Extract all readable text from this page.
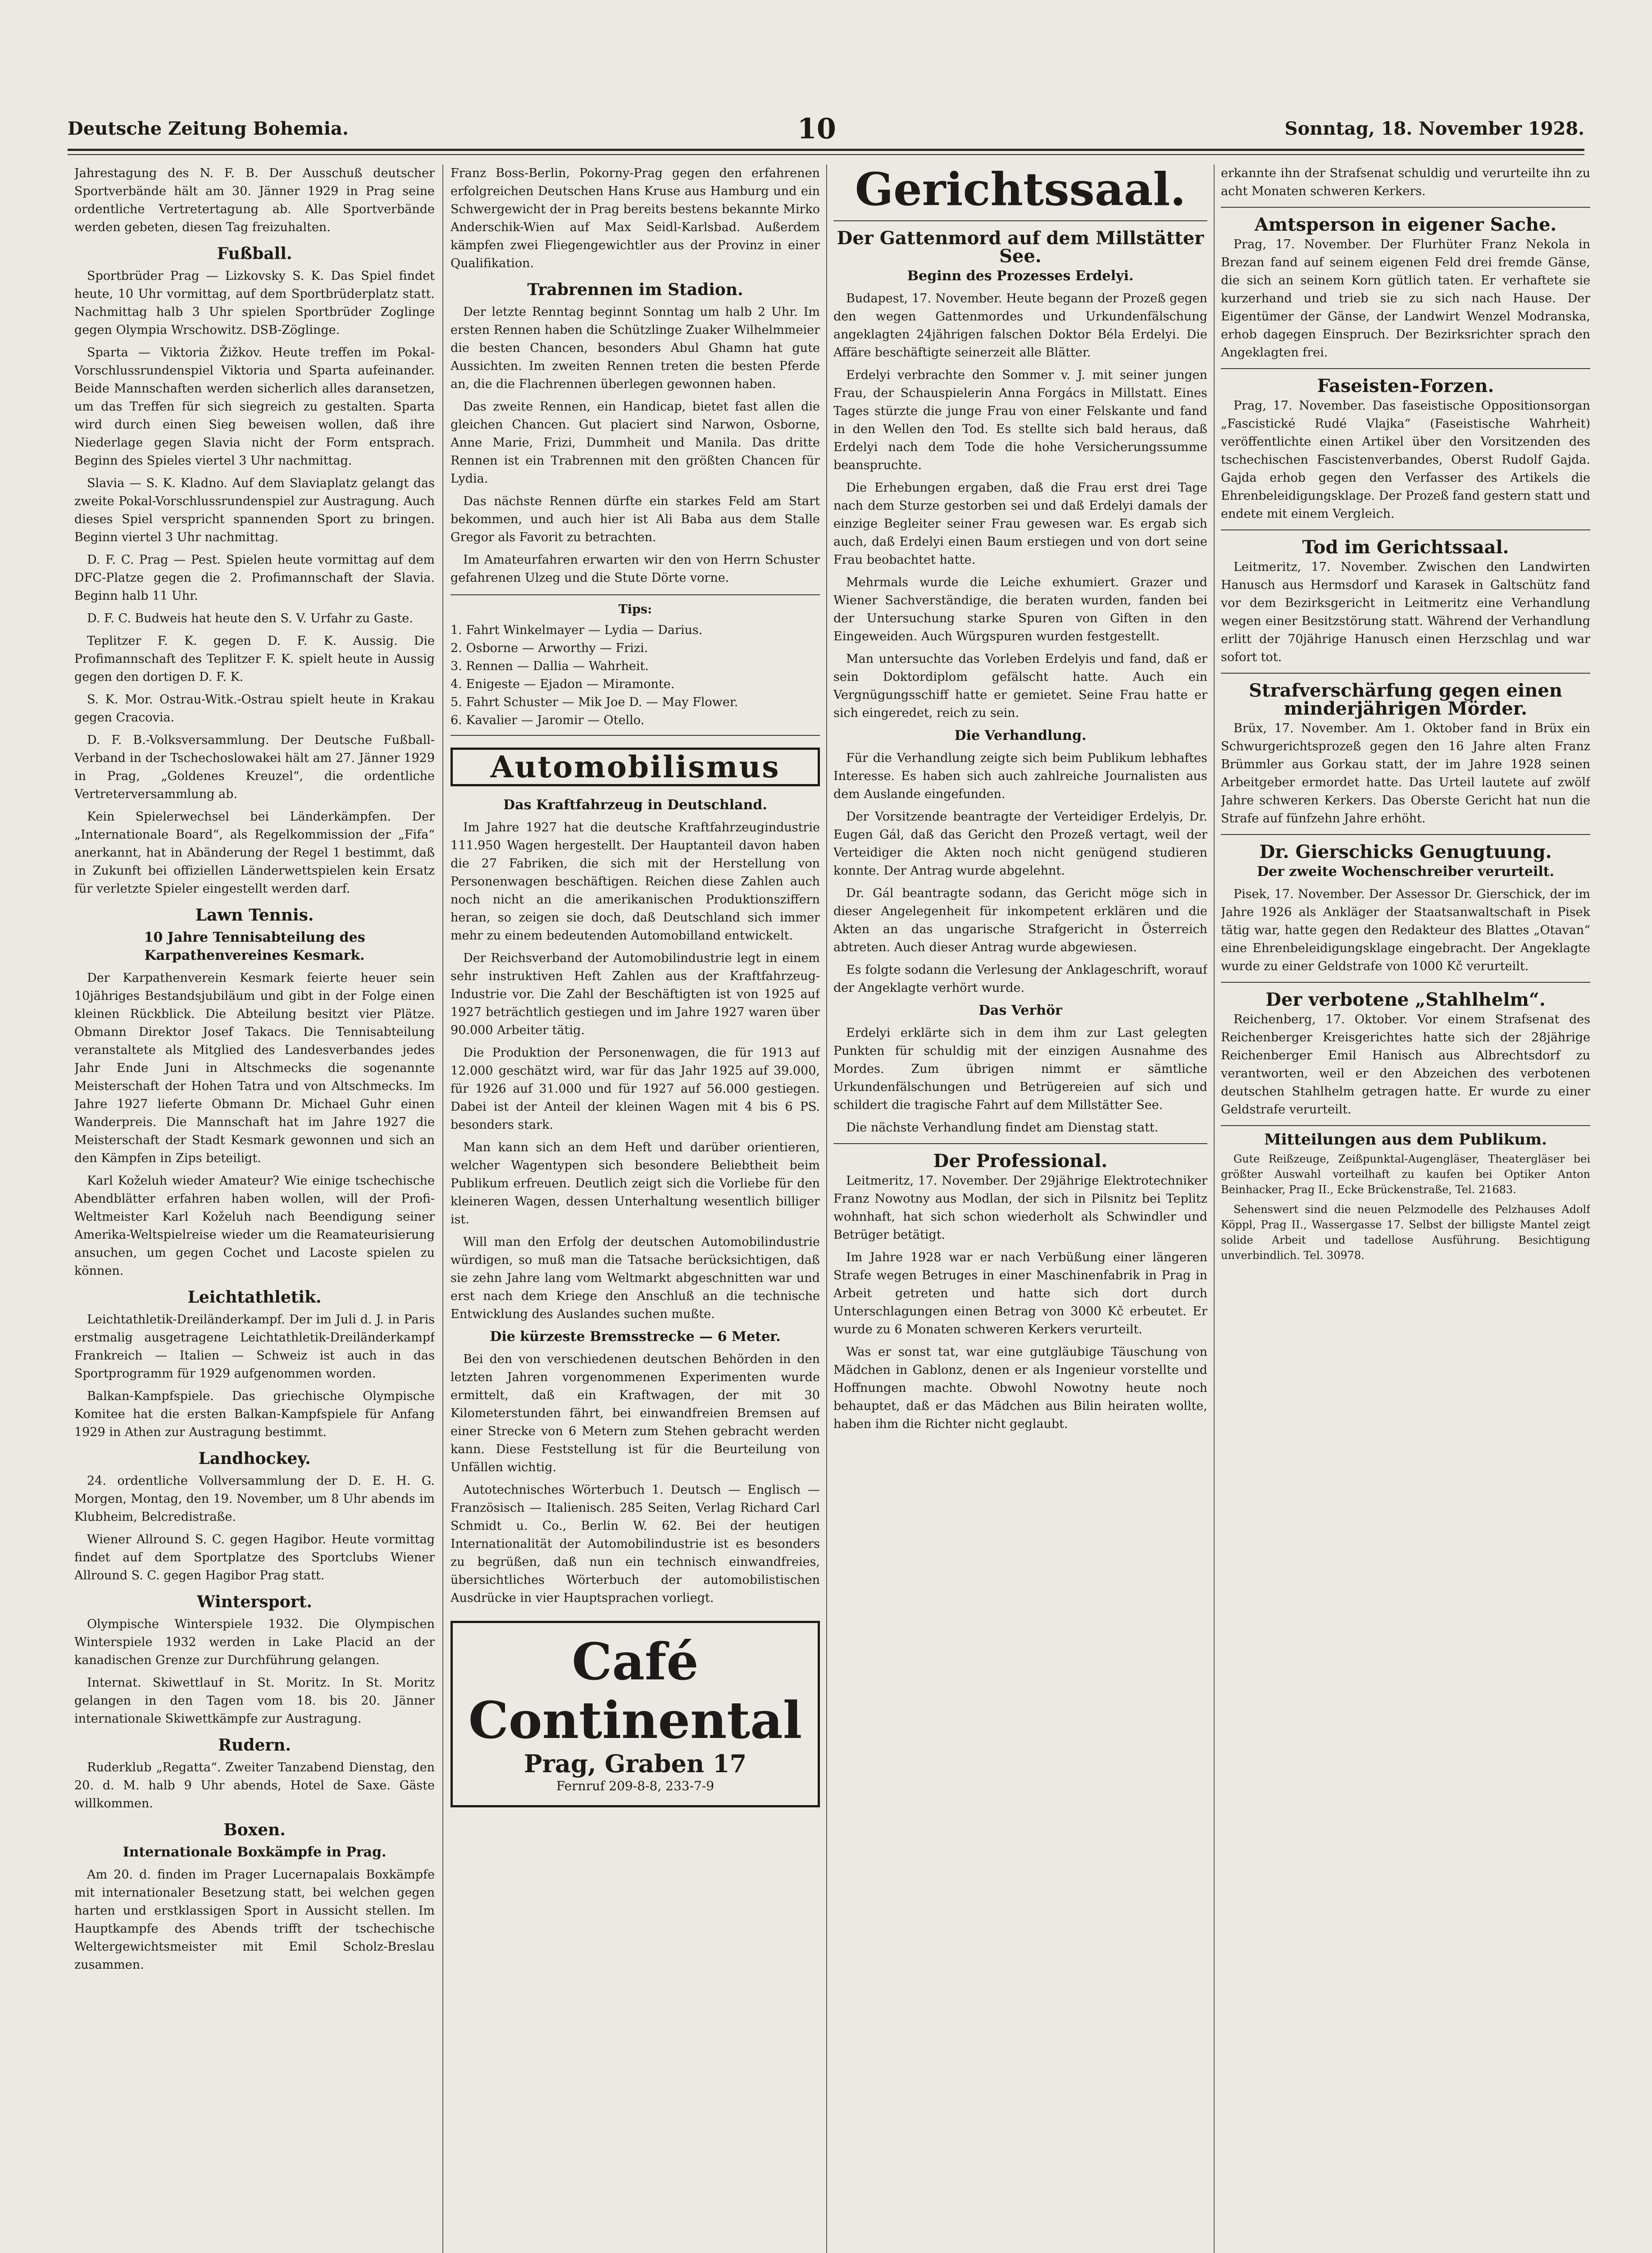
Deutsche Zeitung Bohemia.	10	Sonntag, 18. November 1928.

Jahrestagung des N. F. B. Der Ausschuß deutscher Sportverbände hält am 30. Jänner 1929 in Prag seine ordentliche Vertretertagung ab. Alle Sportverbände werden gebeten, diesen Tag freizuhalten.

Fußball.

Sportbrüder Prag — Lizkovsky S. K. Das Spiel findet heute, 10 Uhr vormittag, auf dem Sportbrüderplatz statt. Nachmittag halb 3 Uhr spielen Sportbrüder Zoglinge gegen Olympia Wrschowitz. DSB-Zöglinge.

Sparta — Viktoria Žižkov. Heute treffen im Pokal-Vorschlussrundenspiel Viktoria und Sparta aufeinander. Beide Mannschaften werden sicherlich alles daransetzen, um das Treffen für sich siegreich zu gestalten. Sparta wird durch einen Sieg beweisen wollen, daß ihre Niederlage gegen Slavia nicht der Form entsprach. Beginn des Spieles viertel 3 Uhr nachmittag.

Slavia — S. K. Kladno. Auf dem Slaviaplatz gelangt das zweite Pokal-Vorschlussrundenspiel zur Austragung. Auch dieses Spiel verspricht spannenden Sport zu bringen. Beginn viertel 3 Uhr nachmittag.

D. F. C. Prag — Pest. Spielen heute vormittag auf dem DFC-Platze gegen die 2. Profimannschaft der Slavia. Beginn halb 11 Uhr.

D. F. C. Budweis hat heute den S. V. Urfahr zu Gaste.

Teplitzer F. K. gegen D. F. K. Aussig. Die Profimannschaft des Teplitzer F. K. spielt heute in Aussig gegen den dortigen D. F. K.

S. K. Mor. Ostrau-Witk.-Ostrau spielt heute in Krakau gegen Cracovia.

D. F. B.-Volksversammlung. Der Deutsche Fußball-Verband in der Tschechoslowakei hält am 27. Jänner 1929 in Prag, „Goldenes Kreuzel“, die ordentliche Vertreterversammlung ab.

Kein Spielerwechsel bei Länderkämpfen. Der „Internationale Board“, als Regelkommission der „Fifa“ anerkannt, hat in Abänderung der Regel 1 bestimmt, daß in Zukunft bei offiziellen Länderwettspielen kein Ersatz für verletzte Spieler eingestellt werden darf.

Lawn Tennis.
10 Jahre Tennisabteilung des Karpathenvereines Kesmark.

Der Karpathenverein Kesmark feierte heuer sein 10jähriges Bestandsjubiläum und gibt in der Folge einen kleinen Rückblick. Die Abteilung besitzt vier Plätze. Obmann Direktor Josef Takacs. Die Tennisabteilung veranstaltete als Mitglied des Landesverbandes jedes Jahr Ende Juni in Altschmecks die sogenannte Meisterschaft der Hohen Tatra und von Altschmecks. Im Jahre 1927 lieferte Obmann Dr. Michael Guhr einen Wanderpreis. Die Mannschaft hat im Jahre 1927 die Meisterschaft der Stadt Kesmark gewonnen und sich an den Kämpfen in Zips beteiligt.

Karl Koželuh wieder Amateur? Wie einige tschechische Abendblätter erfahren haben wollen, will der Profi-Weltmeister Karl Koželuh nach Beendigung seiner Amerika-Weltspielreise wieder um die Reamateurisierung ansuchen, um gegen Cochet und Lacoste spielen zu können.

Leichtathletik.

Leichtathletik-Dreiländerkampf. Der im Juli d. J. in Paris erstmalig ausgetragene Leichtathletik-Dreiländerkampf Frankreich — Italien — Schweiz ist auch in das Sportprogramm für 1929 aufgenommen worden.

Balkan-Kampfspiele. Das griechische Olympische Komitee hat die ersten Balkan-Kampfspiele für Anfang 1929 in Athen zur Austragung bestimmt.

Landhockey.

24. ordentliche Vollversammlung der D. E. H. G. Morgen, Montag, den 19. November, um 8 Uhr abends im Klubheim, Belcredistraße.

Wiener Allround S. C. gegen Hagibor. Heute vormittag findet auf dem Sportplatze des Sportclubs Wiener Allround S. C. gegen Hagibor Prag statt.

Wintersport.

Olympische Winterspiele 1932. Die Olympischen Winterspiele 1932 werden in Lake Placid an der kanadischen Grenze zur Durchführung gelangen.

Internat. Skiwettlauf in St. Moritz. In St. Moritz gelangen in den Tagen vom 18. bis 20. Jänner internationale Skiwettkämpfe zur Austragung.

Rudern.

Ruderklub „Regatta“. Zweiter Tanzabend Dienstag, den 20. d. M. halb 9 Uhr abends, Hotel de Saxe. Gäste willkommen.

Boxen.
Internationale Boxkämpfe in Prag.

Am 20. d. finden im Prager Lucernapalais Boxkämpfe mit internationaler Besetzung statt, bei welchen gegen harten und erstklassigen Sport in Aussicht stellen. Im Hauptkampfe des Abends trifft der tschechische Weltergewichtsmeister mit Emil Scholz-Breslau zusammen.

Franz Boss-Berlin, Pokorny-Prag gegen den erfahrenen erfolgreichen Deutschen Hans Kruse aus Hamburg und ein Schwergewicht der in Prag bereits bestens bekannte Mirko Anderschik-Wien auf Max Seidl-Karlsbad. Außerdem kämpfen zwei Fliegengewichtler aus der Provinz in einer Qualifikation.

Trabrennen im Stadion.

Der letzte Renntag beginnt Sonntag um halb 2 Uhr. Im ersten Rennen haben die Schützlinge Zuaker Wilhelmmeier die besten Chancen, besonders Abul Ghamn hat gute Aussichten. Im zweiten Rennen treten die besten Pferde an, die die Flachrennen überlegen gewonnen haben.

Das zweite Rennen, ein Handicap, bietet fast allen die gleichen Chancen. Gut placiert sind Narwon, Osborne, Anne Marie, Frizi, Dummheit und Manila. Das dritte Rennen ist ein Trabrennen mit den größten Chancen für Lydia.

Das nächste Rennen dürfte ein starkes Feld am Start bekommen, und auch hier ist Ali Baba aus dem Stalle Gregor als Favorit zu betrachten.

Im Amateurfahren erwarten wir den von Herrn Schuster gefahrenen Ulzeg und die Stute Dörte vorne.

Tips:

1. Fahrt Winkelmayer — Lydia — Darius.

2. Osborne — Arworthy — Frizi.

3. Rennen — Dallia — Wahrheit.

4. Enigeste — Ejadon — Miramonte.

5. Fahrt Schuster — Mik Joe D. — May Flower.

6. Kavalier — Jaromir — Otello.

Automobilismus
Das Kraftfahrzeug in Deutschland.

Im Jahre 1927 hat die deutsche Kraftfahrzeugindustrie 111.950 Wagen hergestellt. Der Hauptanteil davon haben die 27 Fabriken, die sich mit der Herstellung von Personenwagen beschäftigen. Reichen diese Zahlen auch noch nicht an die amerikanischen Produktionsziffern heran, so zeigen sie doch, daß Deutschland sich immer mehr zu einem bedeutenden Automobilland entwickelt.

Der Reichsverband der Automobilindustrie legt in einem sehr instruktiven Heft Zahlen aus der Kraftfahrzeug-Industrie vor. Die Zahl der Beschäftigten ist von 1925 auf 1927 beträchtlich gestiegen und im Jahre 1927 waren über 90.000 Arbeiter tätig.

Die Produktion der Personenwagen, die für 1913 auf 12.000 geschätzt wird, war für das Jahr 1925 auf 39.000, für 1926 auf 31.000 und für 1927 auf 56.000 gestiegen. Dabei ist der Anteil der kleinen Wagen mit 4 bis 6 PS. besonders stark.

Man kann sich an dem Heft und darüber orientieren, welcher Wagentypen sich besondere Beliebtheit beim Publikum erfreuen. Deutlich zeigt sich die Vorliebe für den kleineren Wagen, dessen Unterhaltung wesentlich billiger ist.

Will man den Erfolg der deutschen Automobilindustrie würdigen, so muß man die Tatsache berücksichtigen, daß sie zehn Jahre lang vom Weltmarkt abgeschnitten war und erst nach dem Kriege den Anschluß an die technische Entwicklung des Auslandes suchen mußte.

Die kürzeste Bremsstrecke — 6 Meter.

Bei den von verschiedenen deutschen Behörden in den letzten Jahren vorgenommenen Experimenten wurde ermittelt, daß ein Kraftwagen, der mit 30 Kilometerstunden fährt, bei einwandfreien Bremsen auf einer Strecke von 6 Metern zum Stehen gebracht werden kann. Diese Feststellung ist für die Beurteilung von Unfällen wichtig.

Autotechnisches Wörterbuch 1. Deutsch — Englisch — Französisch — Italienisch. 285 Seiten, Verlag Richard Carl Schmidt u. Co., Berlin W. 62. Bei der heutigen Internationalität der Automobilindustrie ist es besonders zu begrüßen, daß nun ein technisch einwandfreies, übersichtliches Wörterbuch der automobilistischen Ausdrücke in vier Hauptsprachen vorliegt.

Café Continental
Prag, Graben 17
Fernruf 209-8-8, 233-7-9
Gerichtssaal.
Der Gattenmord auf dem Millstätter See.
Beginn des Prozesses Erdelyi.

Budapest, 17. November. Heute begann der Prozeß gegen den wegen Gattenmordes und Urkundenfälschung angeklagten 24jährigen falschen Doktor Béla Erdelyi. Die Affäre beschäftigte seinerzeit alle Blätter.

Erdelyi verbrachte den Sommer v. J. mit seiner jungen Frau, der Schauspielerin Anna Forgács in Millstatt. Eines Tages stürzte die junge Frau von einer Felskante und fand in den Wellen den Tod. Es stellte sich bald heraus, daß Erdelyi nach dem Tode die hohe Versicherungssumme beanspruchte.

Die Erhebungen ergaben, daß die Frau erst drei Tage nach dem Sturze gestorben sei und daß Erdelyi damals der einzige Begleiter seiner Frau gewesen war. Es ergab sich auch, daß Erdelyi einen Baum erstiegen und von dort seine Frau beobachtet hatte.

Mehrmals wurde die Leiche exhumiert. Grazer und Wiener Sachverständige, die beraten wurden, fanden bei der Untersuchung starke Spuren von Giften in den Eingeweiden. Auch Würgspuren wurden festgestellt.

Man untersuchte das Vorleben Erdelyis und fand, daß er sein Doktordiplom gefälscht hatte. Auch ein Vergnügungsschiff hatte er gemietet. Seine Frau hatte er sich eingeredet, reich zu sein.

Die Verhandlung.

Für die Verhandlung zeigte sich beim Publikum lebhaftes Interesse. Es haben sich auch zahlreiche Journalisten aus dem Auslande eingefunden.

Der Vorsitzende beantragte der Verteidiger Erdelyis, Dr. Eugen Gál, daß das Gericht den Prozeß vertagt, weil der Verteidiger die Akten noch nicht genügend studieren konnte. Der Antrag wurde abgelehnt.

Dr. Gál beantragte sodann, das Gericht möge sich in dieser Angelegenheit für inkompetent erklären und die Akten an das ungarische Strafgericht in Österreich abtreten. Auch dieser Antrag wurde abgewiesen.

Es folgte sodann die Verlesung der Anklageschrift, worauf der Angeklagte verhört wurde.

Das Verhör

Erdelyi erklärte sich in dem ihm zur Last gelegten Punkten für schuldig mit der einzigen Ausnahme des Mordes. Zum übrigen nimmt er sämtliche Urkundenfälschungen und Betrügereien auf sich und schildert die tragische Fahrt auf dem Millstätter See.

Die nächste Verhandlung findet am Dienstag statt.

Der Professional.

Leitmeritz, 17. November. Der 29jährige Elektrotechniker Franz Nowotny aus Modlan, der sich in Pilsnitz bei Teplitz wohnhaft, hat sich schon wiederholt als Schwindler und Betrüger betätigt.

Im Jahre 1928 war er nach Verbüßung einer längeren Strafe wegen Betruges in einer Maschinenfabrik in Prag in Arbeit getreten und hatte sich dort durch Unterschlagungen einen Betrag von 3000 Kč erbeutet. Er wurde zu 6 Monaten schweren Kerkers verurteilt.

Was er sonst tat, war eine gutgläubige Täuschung von Mädchen in Gablonz, denen er als Ingenieur vorstellte und Hoffnungen machte. Obwohl Nowotny heute noch behauptet, daß er das Mädchen aus Bilin heiraten wollte, haben ihm die Richter nicht geglaubt.

erkannte ihn der Strafsenat schuldig und verurteilte ihn zu acht Monaten schweren Kerkers.

Amtsperson in eigener Sache.

Prag, 17. November. Der Flurhüter Franz Nekola in Brezan fand auf seinem eigenen Feld drei fremde Gänse, die sich an seinem Korn gütlich taten. Er verhaftete sie kurzerhand und trieb sie zu sich nach Hause. Der Eigentümer der Gänse, der Landwirt Wenzel Modranska, erhob dagegen Einspruch. Der Bezirksrichter sprach den Angeklagten frei.

Faseisten-Forzen.

Prag, 17. November. Das faseistische Oppositionsorgan „Fascistické Rudé Vlajka“ (Faseistische Wahrheit) veröffentlichte einen Artikel über den Vorsitzenden des tschechischen Fascistenverbandes, Oberst Rudolf Gajda. Gajda erhob gegen den Verfasser des Artikels die Ehrenbeleidigungsklage. Der Prozeß fand gestern statt und endete mit einem Vergleich.

Tod im Gerichtssaal.

Leitmeritz, 17. November. Zwischen den Landwirten Hanusch aus Hermsdorf und Karasek in Galtschütz fand vor dem Bezirksgericht in Leitmeritz eine Verhandlung wegen einer Besitzstörung statt. Während der Verhandlung erlitt der 70jährige Hanusch einen Herzschlag und war sofort tot.

Strafverschärfung gegen einen minderjährigen Mörder.

Brüx, 17. November. Am 1. Oktober fand in Brüx ein Schwurgerichtsprozeß gegen den 16 Jahre alten Franz Brümmler aus Gorkau statt, der im Jahre 1928 seinen Arbeitgeber ermordet hatte. Das Urteil lautete auf zwölf Jahre schweren Kerkers. Das Oberste Gericht hat nun die Strafe auf fünfzehn Jahre erhöht.

Dr. Gierschicks Genugtuung.
Der zweite Wochenschreiber verurteilt.

Pisek, 17. November. Der Assessor Dr. Gierschick, der im Jahre 1926 als Ankläger der Staatsanwaltschaft in Pisek tätig war, hatte gegen den Redakteur des Blattes „Otavan“ eine Ehrenbeleidigungsklage eingebracht. Der Angeklagte wurde zu einer Geldstrafe von 1000 Kč verurteilt.

Der verbotene „Stahlhelm“.

Reichenberg, 17. Oktober. Vor einem Strafsenat des Reichenberger Kreisgerichtes hatte sich der 28jährige Reichenberger Emil Hanisch aus Albrechtsdorf zu verantworten, weil er den Abzeichen des verbotenen deutschen Stahlhelm getragen hatte. Er wurde zu einer Geldstrafe verurteilt.

Mitteilungen aus dem Publikum.

Gute Reißzeuge, Zeißpunktal-Augengläser, Theatergläser bei größter Auswahl vorteilhaft zu kaufen bei Optiker Anton Beinhacker, Prag II., Ecke Brückenstraße, Tel. 21683.

Sehenswert sind die neuen Pelzmodelle des Pelzhauses Adolf Köppl, Prag II., Wassergasse 17. Selbst der billigste Mantel zeigt solide Arbeit und tadellose Ausführung. Besichtigung unverbindlich. Tel. 30978.
